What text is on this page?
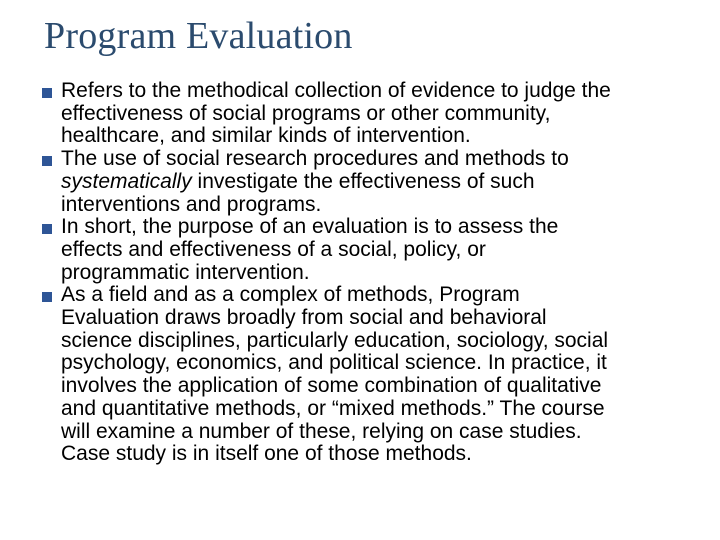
Program Evaluation
Refers to the methodical collection of evidence to judge the
effectiveness of social programs or other community,
healthcare, and similar kinds of intervention.
The use of social research procedures and methods to
systematically investigate the effectiveness of such
interventions and programs.
In short, the purpose of an evaluation is to assess the
effects and effectiveness of a social, policy, or
programmatic intervention.
As a field and as a complex of methods, Program
Evaluation draws broadly from social and behavioral
science disciplines, particularly education, sociology, social
psychology, economics, and political science. In practice, it
involves the application of some combination of qualitative
and quantitative methods, or “mixed methods.” The course
will examine a number of these, relying on case studies.
Case study is in itself one of those methods.
